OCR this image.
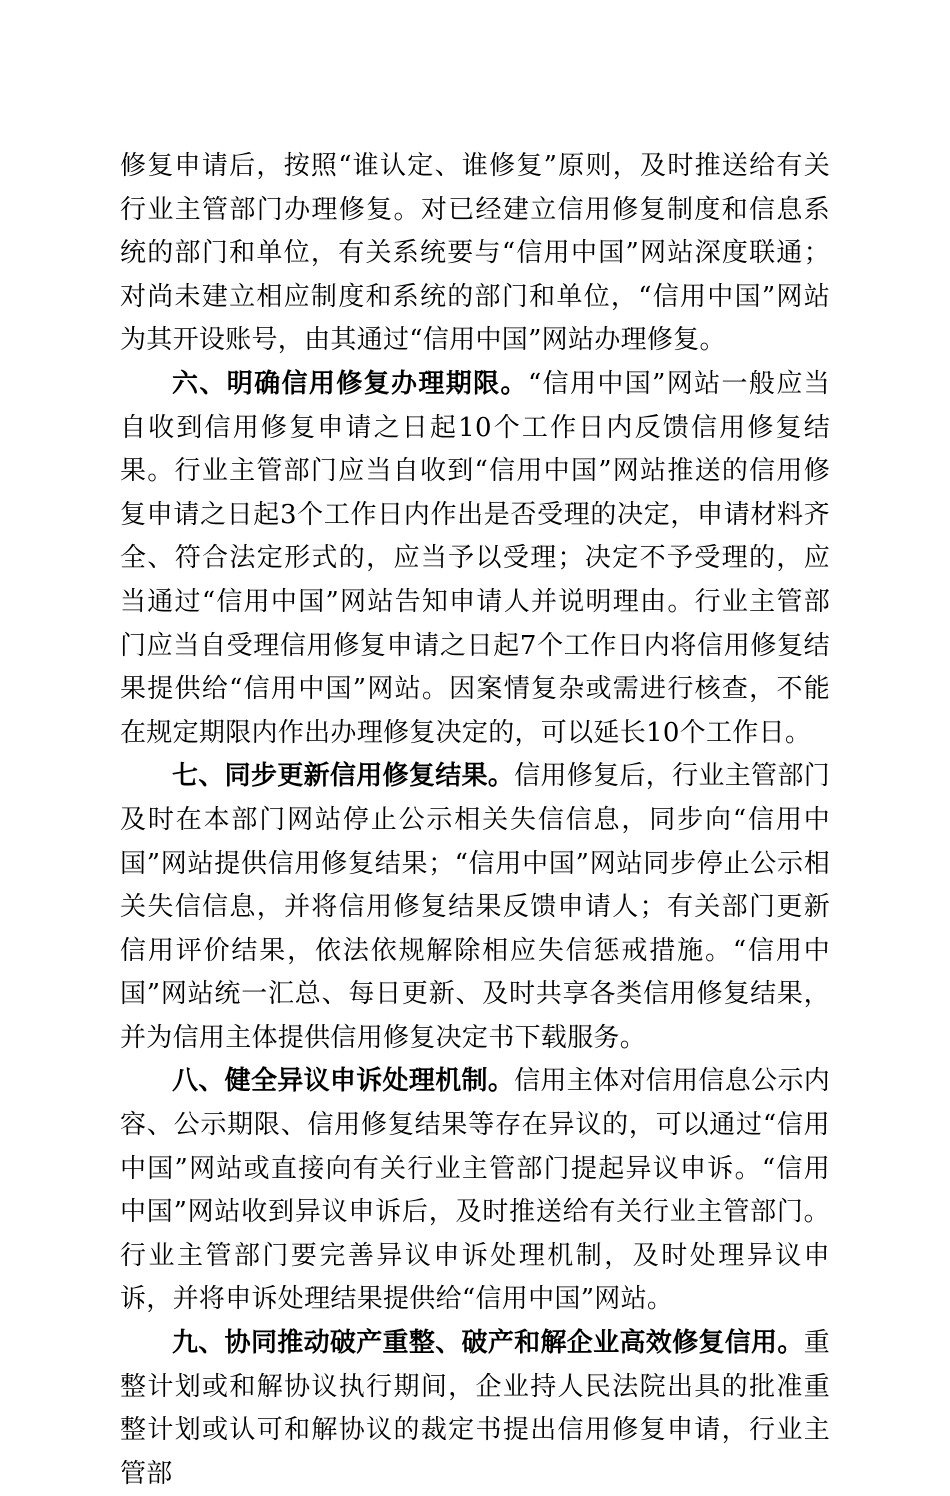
修复申请后，按照“谁认定、谁修复”原则，及时推送给有关行业主管部门办理修复。对已经建立信用修复制度和信息系统的部门和单位，有关系统要与“信用中国”网站深度联通；对尚未建立相应制度和系统的部门和单位，“信用中国”网站为其开设账号，由其通过“信用中国”网站办理修复。

六、明确信用修复办理期限。“信用中国”网站一般应当自收到信用修复申请之日起10个工作日内反馈信用修复结果。行业主管部门应当自收到“信用中国”网站推送的信用修复申请之日起3个工作日内作出是否受理的决定，申请材料齐全、符合法定形式的，应当予以受理；决定不予受理的，应当通过“信用中国”网站告知申请人并说明理由。行业主管部门应当自受理信用修复申请之日起7个工作日内将信用修复结果提供给“信用中国”网站。因案情复杂或需进行核查，不能在规定期限内作出办理修复决定的，可以延长10个工作日。

七、同步更新信用修复结果。信用修复后，行业主管部门及时在本部门网站停止公示相关失信信息，同步向“信用中国”网站提供信用修复结果；“信用中国”网站同步停止公示相关失信信息，并将信用修复结果反馈申请人；有关部门更新信用评价结果，依法依规解除相应失信惩戒措施。“信用中国”网站统一汇总、每日更新、及时共享各类信用修复结果，并为信用主体提供信用修复决定书下载服务。

八、健全异议申诉处理机制。信用主体对信用信息公示内容、公示期限、信用修复结果等存在异议的，可以通过“信用中国”网站或直接向有关行业主管部门提起异议申诉。“信用中国”网站收到异议申诉后，及时推送给有关行业主管部门。行业主管部门要完善异议申诉处理机制，及时处理异议申诉，并将申诉处理结果提供给“信用中国”网站。

九、协同推动破产重整、破产和解企业高效修复信用。重整计划或和解协议执行期间，企业持人民法院出具的批准重整计划或认可和解协议的裁定书提出信用修复申请，行业主管部
